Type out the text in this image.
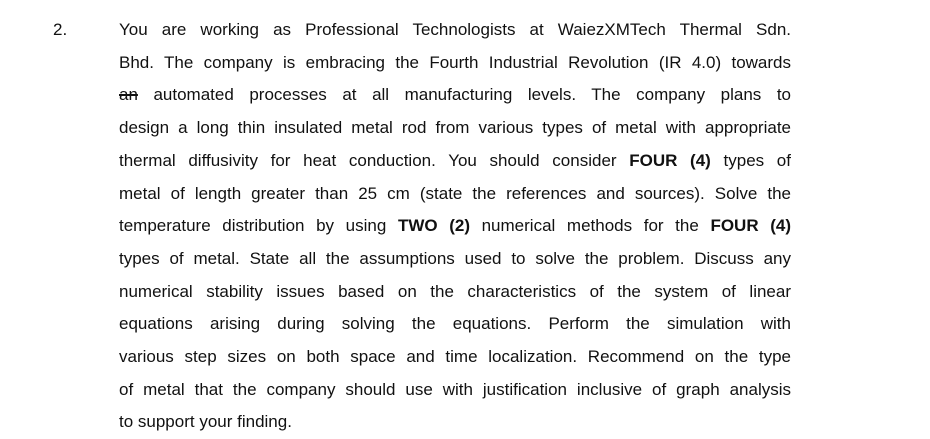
2.	You are working as Professional Technologists at WaiezXMTech Thermal Sdn.
Bhd. The company is embracing the Fourth Industrial Revolution (IR 4.0) towards
an automated processes at all manufacturing levels. The company plans to
design a long thin insulated metal rod from various types of metal with appropriate
thermal diffusivity for heat conduction. You should consider FOUR (4) types of
metal of length greater than 25 cm (state the references and sources). Solve the
temperature distribution by using TWO (2) numerical methods for the FOUR (4)
types of metal. State all the assumptions used to solve the problem. Discuss any
numerical stability issues based on the characteristics of the system of linear
equations arising during solving the equations. Perform the simulation with
various step sizes on both space and time localization. Recommend on the type
of metal that the company should use with justification inclusive of graph analysis
to support your finding.
